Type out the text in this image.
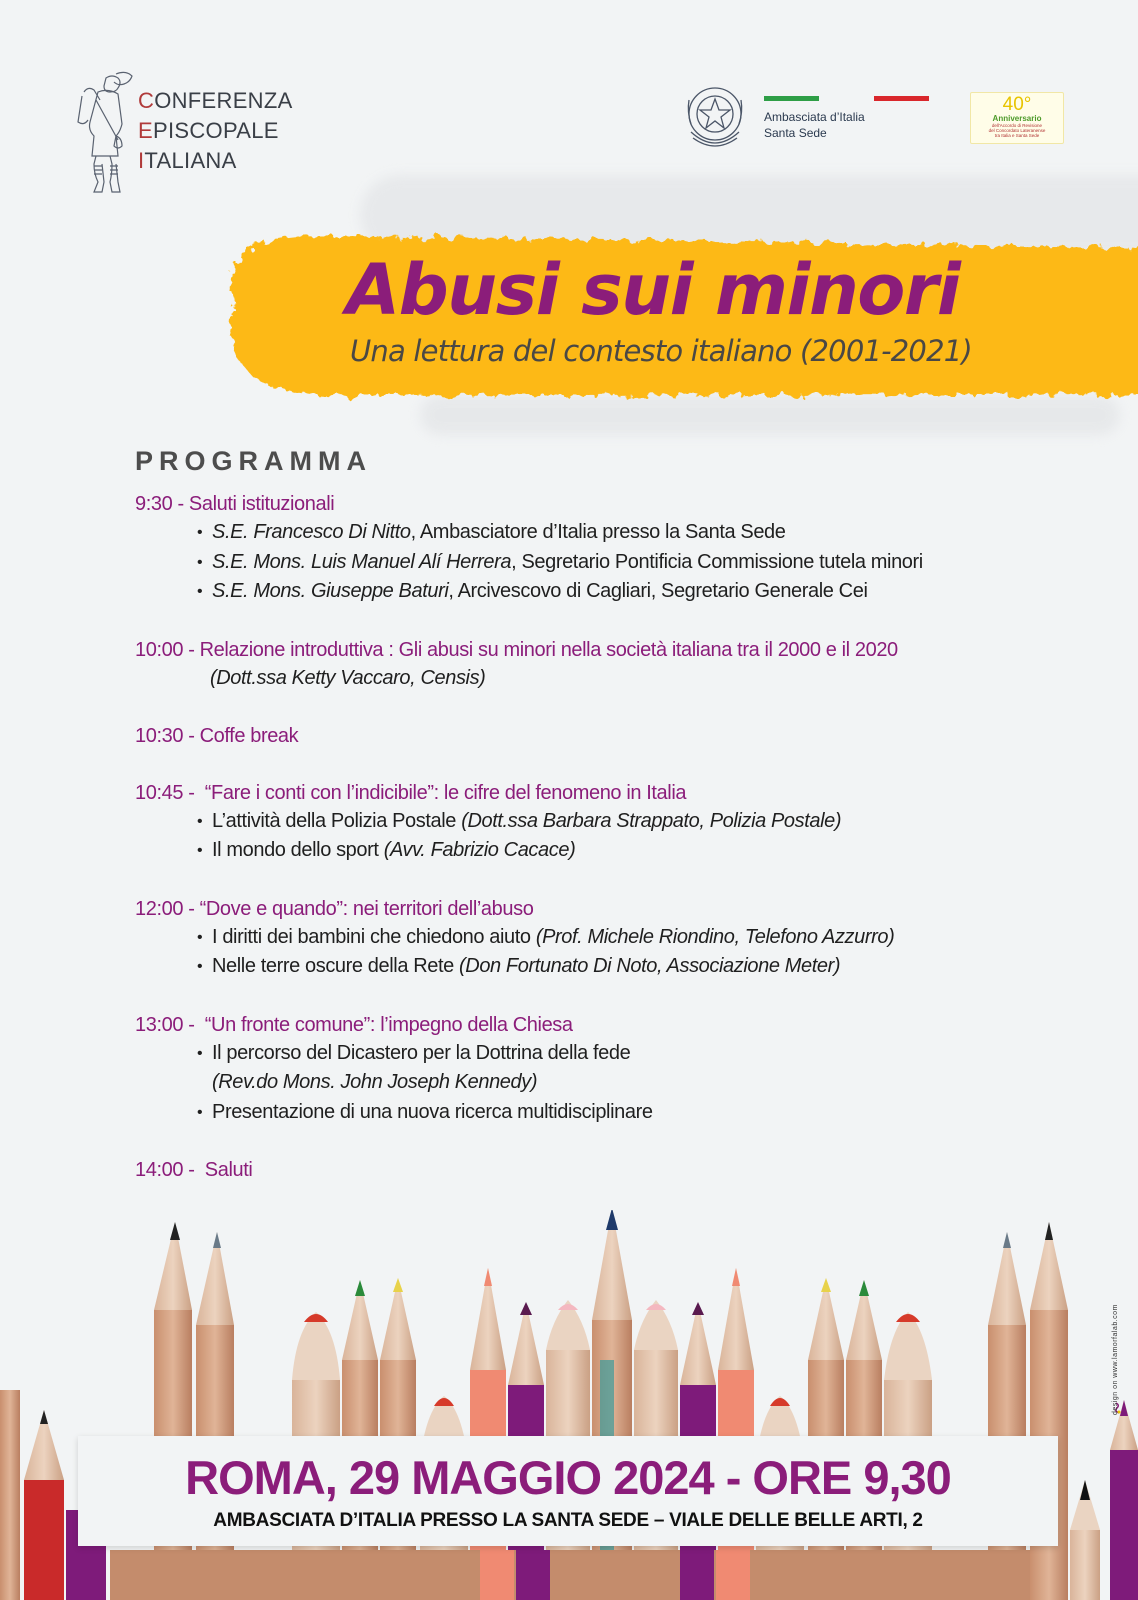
CONFERENZA
EPISCOPALE
ITALIANA
Ambasciata d’Italia
Santa Sede
40°
Anniversario
dell'Accordo di Revisione
del Concordato Lateranense
tra Italia e Santa Sede
Abusi sui minori
Una lettura del contesto italiano (2001-2021)
PROGRAMMA
9:30 - Saluti istituzionali
• S.E. Francesco Di Nitto, Ambasciatore d’Italia presso la Santa Sede
• S.E. Mons. Luis Manuel Alí Herrera, Segretario Pontificia Commissione tutela minori
• S.E. Mons. Giuseppe Baturi, Arcivescovo di Cagliari, Segretario Generale Cei
10:00 - Relazione introduttiva : Gli abusi su minori nella società italiana tra il 2000 e il 2020
(Dott.ssa Ketty Vaccaro, Censis)
10:30 - Coffe break
10:45 -  “Fare i conti con l’indicibile”: le cifre del fenomeno in Italia
• L’attività della Polizia Postale (Dott.ssa Barbara Strappato, Polizia Postale)
• Il mondo dello sport (Avv. Fabrizio Cacace)
12:00 - “Dove e quando”: nei territori dell’abuso
• I diritti dei bambini che chiedono aiuto (Prof. Michele Riondino, Telefono Azzurro)
• Nelle terre oscure della Rete (Don Fortunato Di Noto, Associazione Meter)
13:00 -  “Un fronte comune”: l’impegno della Chiesa
• Il percorso del Dicastero per la Dottrina della fede
(Rev.do Mons. John Joseph Kennedy)
• Presentazione di una nuova ricerca multidisciplinare
14:00 -  Saluti
ROMA, 29 MAGGIO 2024 - ORE 9,30
AMBASCIATA D’ITALIA PRESSO LA SANTA SEDE – VIALE DELLE BELLE ARTI, 2
design on www.lamorfalab.com
